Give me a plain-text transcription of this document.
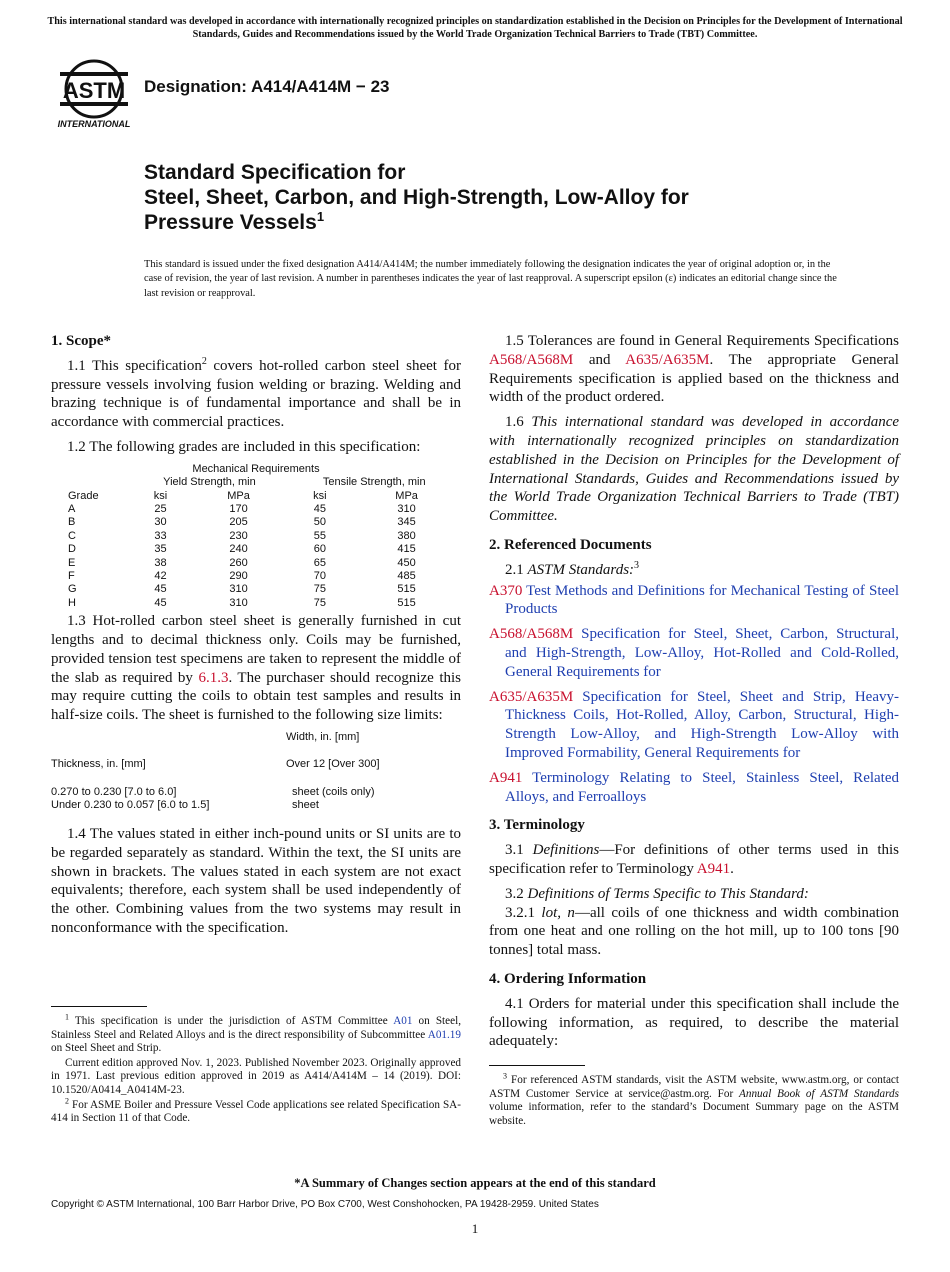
This international standard was developed in accordance with internationally recognized principles on standardization established in the Decision on Principles for the Development of International Standards, Guides and Recommendations issued by the World Trade Organization Technical Barriers to Trade (TBT) Committee.
ASTM
INTERNATIONAL
Designation: A414/A414M − 23
Standard Specification for
Steel, Sheet, Carbon, and High-Strength, Low-Alloy for
Pressure Vessels$^1$
This standard is issued under the fixed designation A414/A414M; the number immediately following the designation indicates the year of original adoption or, in the case of revision, the year of last revision. A number in parentheses indicates the year of last reapproval. A superscript epsilon (ε) indicates an editorial change since the last revision or reapproval.
1. Scope*

1.1 This specification$^2$ covers hot-rolled carbon steel sheet for pressure vessels involving fusion welding or brazing. Welding and brazing technique is of fundamental importance and shall be in accordance with commercial practices.

1.2 The following grades are included in this specification:

Mechanical Requirements				
	Yield Strength, min		Tensile Strength, min	
Grade	ksi	MPa	ksi	MPa
A	25	170	45	310
B	30	205	50	345
C	33	230	55	380
D	35	240	60	415
E	38	260	65	450
F	42	290	70	485
G	45	310	75	515
H	45	310	75	515

1.3 Hot-rolled carbon steel sheet is generally furnished in cut lengths and to decimal thickness only. Coils may be furnished, provided tension test specimens are taken to represent the middle of the slab as required by 6.1.3. The purchaser should recognize this may require cutting the coils to obtain test samples and results in half-size coils. The sheet is furnished to the following size limits:

Width, in. [mm]
Thickness, in. [mm]	Over 12 [Over 300]
0.270 to 0.230 [7.0 to 6.0]	sheet (coils only)
Under 0.230 to 0.057 [6.0 to 1.5]	sheet

1.4 The values stated in either inch-pound units or SI units are to be regarded separately as standard. Within the text, the SI units are shown in brackets. The values stated in each system are not exact equivalents; therefore, each system shall be used independently of the other. Combining values from the two systems may result in nonconformance with the specification.

$^1$ This specification is under the jurisdiction of ASTM Committee A01 on Steel, Stainless Steel and Related Alloys and is the direct responsibility of Subcommittee A01.19 on Steel Sheet and Strip.

Current edition approved Nov. 1, 2023. Published November 2023. Originally approved in 1971. Last previous edition approved in 2019 as A414/A414M – 14 (2019). DOI: 10.1520/A0414_A0414M-23.

$^2$ For ASME Boiler and Pressure Vessel Code applications see related Specification SA-414 in Section 11 of that Code.

1.5 Tolerances are found in General Requirements Specifications A568/A568M and A635/A635M. The appropriate General Requirements specification is applied based on the thickness and width of the product ordered.

1.6 This international standard was developed in accordance with internationally recognized principles on standardization established in the Decision on Principles for the Development of International Standards, Guides and Recommendations issued by the World Trade Organization Technical Barriers to Trade (TBT) Committee.

2. Referenced Documents

2.1 ASTM Standards:$^3$

A370 Test Methods and Definitions for Mechanical Testing of Steel Products

A568/A568M Specification for Steel, Sheet, Carbon, Structural, and High-Strength, Low-Alloy, Hot-Rolled and Cold-Rolled, General Requirements for

A635/A635M Specification for Steel, Sheet and Strip, Heavy-Thickness Coils, Hot-Rolled, Alloy, Carbon, Structural, High-Strength Low-Alloy, and High-Strength Low-Alloy with Improved Formability, General Requirements for

A941 Terminology Relating to Steel, Stainless Steel, Related Alloys, and Ferroalloys

3. Terminology

3.1 Definitions—For definitions of other terms used in this specification refer to Terminology A941.

3.2 Definitions of Terms Specific to This Standard:

3.2.1 lot, n—all coils of one thickness and width combination from one heat and one rolling on the hot mill, up to 100 tons [90 tonnes] total mass.

4. Ordering Information

4.1 Orders for material under this specification shall include the following information, as required, to describe the material adequately:

$^3$ For referenced ASTM standards, visit the ASTM website, www.astm.org, or contact ASTM Customer Service at service@astm.org. For Annual Book of ASTM Standards volume information, refer to the standard’s Document Summary page on the ASTM website.

*A Summary of Changes section appears at the end of this standard
Copyright © ASTM International, 100 Barr Harbor Drive, PO Box C700, West Conshohocken, PA 19428-2959. United States
1
